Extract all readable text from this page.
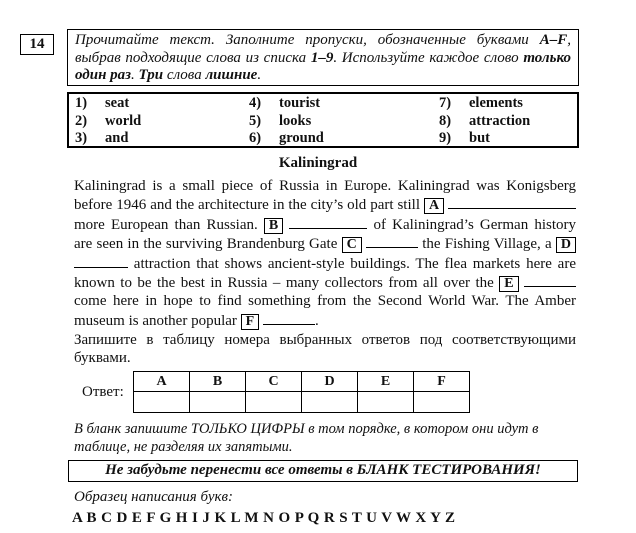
14	Прочитайте текст. Заполните пропуски, обозначенные буквами A–F, выбрав подходящие слова из списка 1–9. Используйте каждое слово только один раз. Три слова лишние.
1)	seat	4)	tourist	7)	elements
2)	world	5)	looks	8)	attraction
3)	and	6)	ground	9)	but
Kaliningrad
Kaliningrad is a small piece of Russia in Europe. Kaliningrad was Konigsberg before 1946 and the architecture in the city’s old part still A  more European than Russian. B	of Kaliningrad’s German history are seen in the surviving Brandenburg Gate C	the Fishing Village, a D attraction that shows ancient-style buildings. The flea markets here are known to be the best in Russia – many collectors from all over the E  come here in hope to find something from the Second World War. The Amber museum is another popular F	.
Запишите в таблицу номера выбранных ответов под соответствующими буквами.
Ответ:
A	B	C	D	E	F

В бланк запишите ТОЛЬКО ЦИФРЫ в том порядке, в котором они идут в таблице, не разделяя их запятыми.
Не забудьте перенести все ответы в БЛАНК ТЕСТИРОВАНИЯ!
Образец написания букв:
A B C D E F G H I J K L M N O P Q R S T U V W X Y Z
